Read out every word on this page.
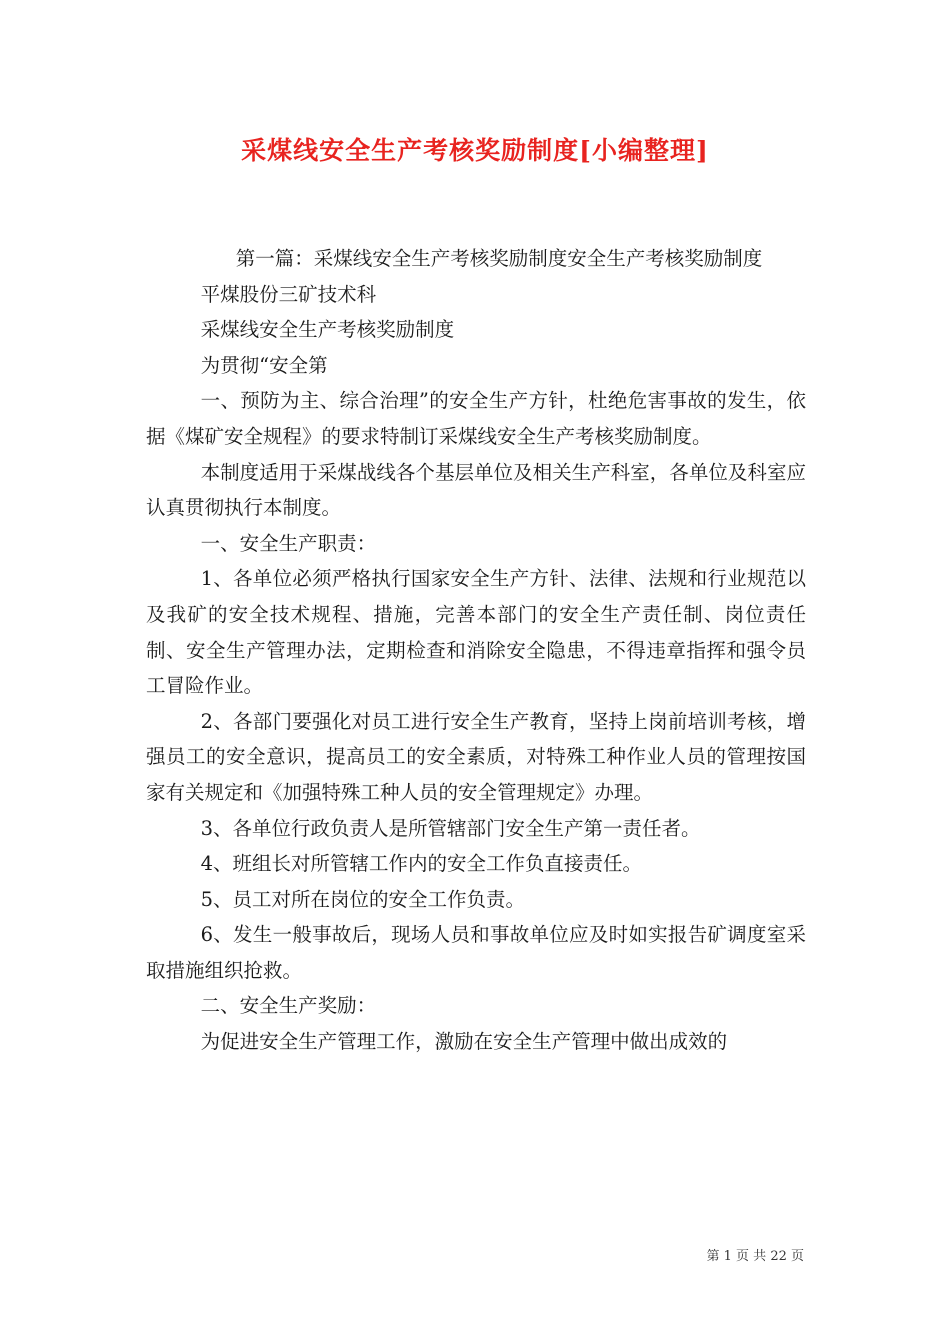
采煤线安全生产考核奖励制度[小编整理]

第一篇：采煤线安全生产考核奖励制度安全生产考核奖励制度

平煤股份三矿技术科

采煤线安全生产考核奖励制度

为贯彻“安全第

一、预防为主、综合治理”的安全生产方针，杜绝危害事故的发生，依据《煤矿安全规程》的要求特制订采煤线安全生产考核奖励制度。

本制度适用于采煤战线各个基层单位及相关生产科室，各单位及科室应认真贯彻执行本制度。

一、安全生产职责：

1、各单位必须严格执行国家安全生产方针、法律、法规和行业规范以及我矿的安全技术规程、措施，完善本部门的安全生产责任制、岗位责任制、安全生产管理办法，定期检查和消除安全隐患，不得违章指挥和强令员工冒险作业。

2、各部门要强化对员工进行安全生产教育，坚持上岗前培训考核，增强员工的安全意识，提高员工的安全素质，对特殊工种作业人员的管理按国家有关规定和《加强特殊工种人员的安全管理规定》办理。

3、各单位行政负责人是所管辖部门安全生产第一责任者。

4、班组长对所管辖工作内的安全工作负直接责任。

5、员工对所在岗位的安全工作负责。

6、发生一般事故后，现场人员和事故单位应及时如实报告矿调度室采取措施组织抢救。

二、安全生产奖励：

为促进安全生产管理工作，激励在安全生产管理中做出成效的

第 1 页 共 22 页
